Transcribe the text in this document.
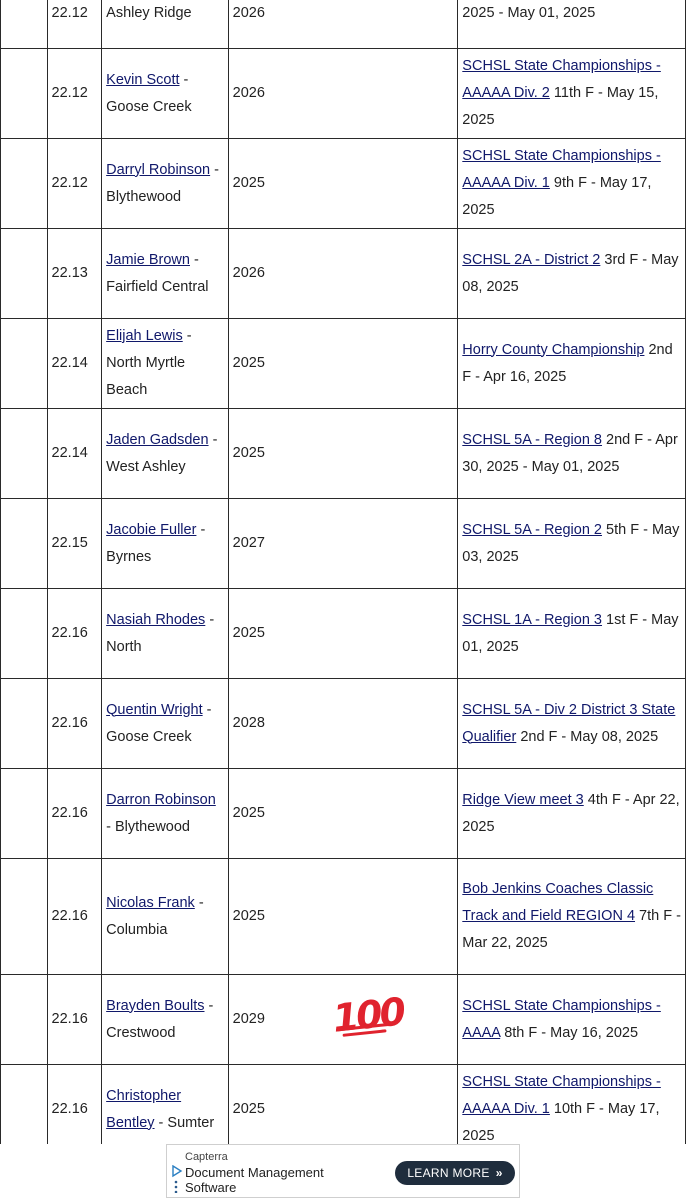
	22.12	Ashley Ridge	2026	2025 - May 01, 2025
	22.12	Kevin Scott - Goose Creek	2026	SCHSL State Championships - AAAAA Div. 2 11th F - May 15, 2025
	22.12	Darryl Robinson - Blythewood	2025	SCHSL State Championships - AAAAA Div. 1 9th F - May 17, 2025
	22.13	Jamie Brown - Fairfield Central	2026	SCHSL 2A - District 2 3rd F - May 08, 2025
	22.14	Elijah Lewis - North Myrtle Beach	2025	Horry County Championship 2nd F - Apr 16, 2025
	22.14	Jaden Gadsden - West Ashley	2025	SCHSL 5A - Region 8 2nd F - Apr 30, 2025 - May 01, 2025
	22.15	Jacobie Fuller - Byrnes	2027	SCHSL 5A - Region 2 5th F - May 03, 2025
	22.16	Nasiah Rhodes - North	2025	SCHSL 1A - Region 3 1st F - May 01, 2025
	22.16	Quentin Wright - Goose Creek	2028	SCHSL 5A - Div 2 District 3 State Qualifier 2nd F - May 08, 2025
	22.16	Darron Robinson - Blythewood	2025	Ridge View meet 3 4th F - Apr 22, 2025
	22.16	Nicolas Frank - Columbia	2025	Bob Jenkins Coaches Classic Track and Field REGION 4 7th F - Mar 22, 2025
	22.16	Brayden Boults - Crestwood	2029 100	SCHSL State Championships - AAAA 8th F - May 16, 2025
	22.16	Christopher Bentley - Sumter	2025	SCHSL State Championships - AAAAA Div. 1 10th F - May 17, 2025
Capterra
Document Management
Software
LEARN MORE »
